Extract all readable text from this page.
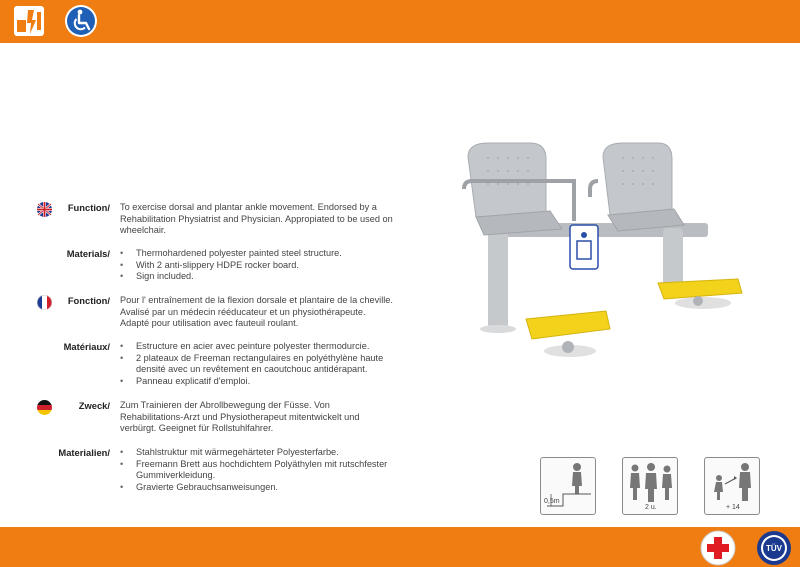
Function/ To exercise dorsal and plantar ankle movement. Endorsed by a Rehabilitation Physiatrist and Physician. Appropiated to be used on wheelchair.
Materials/	• Thermohardened polyester painted steel structure.
• With 2 anti-slippery HDPE rocker board.
• Sign included.
Fonction/ Pour l' entraînement de la flexion dorsale et plantaire de la cheville. Avalisé par un médecin rééducateur et un physiothérapeute. Adapté pour utilisation avec fauteuil roulant.
Matériaux/	• Estructure en acier avec peinture polyester thermodurcie.
• 2 plateaux de Freeman rectangulaires en polyéthylène haute densité avec un revêtement en caoutchouc antidérapant.
• Panneau explicatif d'emploi.
Zweck/ Zum Trainieren der Abrollbewegung der Füsse. Von Rehabilitations-Arzt und Physiotherapeut mitentwickelt und verbürgt. Geeignet für Rollstuhlfahrer.
Materialien/	• Stahlstruktur mit wärmegehärteter Polyesterfarbe.
• Freemann Brett aus hochdichtem Polyäthylen mit rutschfester Gummiverkleidung.
• Gravierte Gebrauchsanweisungen.
0,5m
2 u.	+ 14
TÜV
